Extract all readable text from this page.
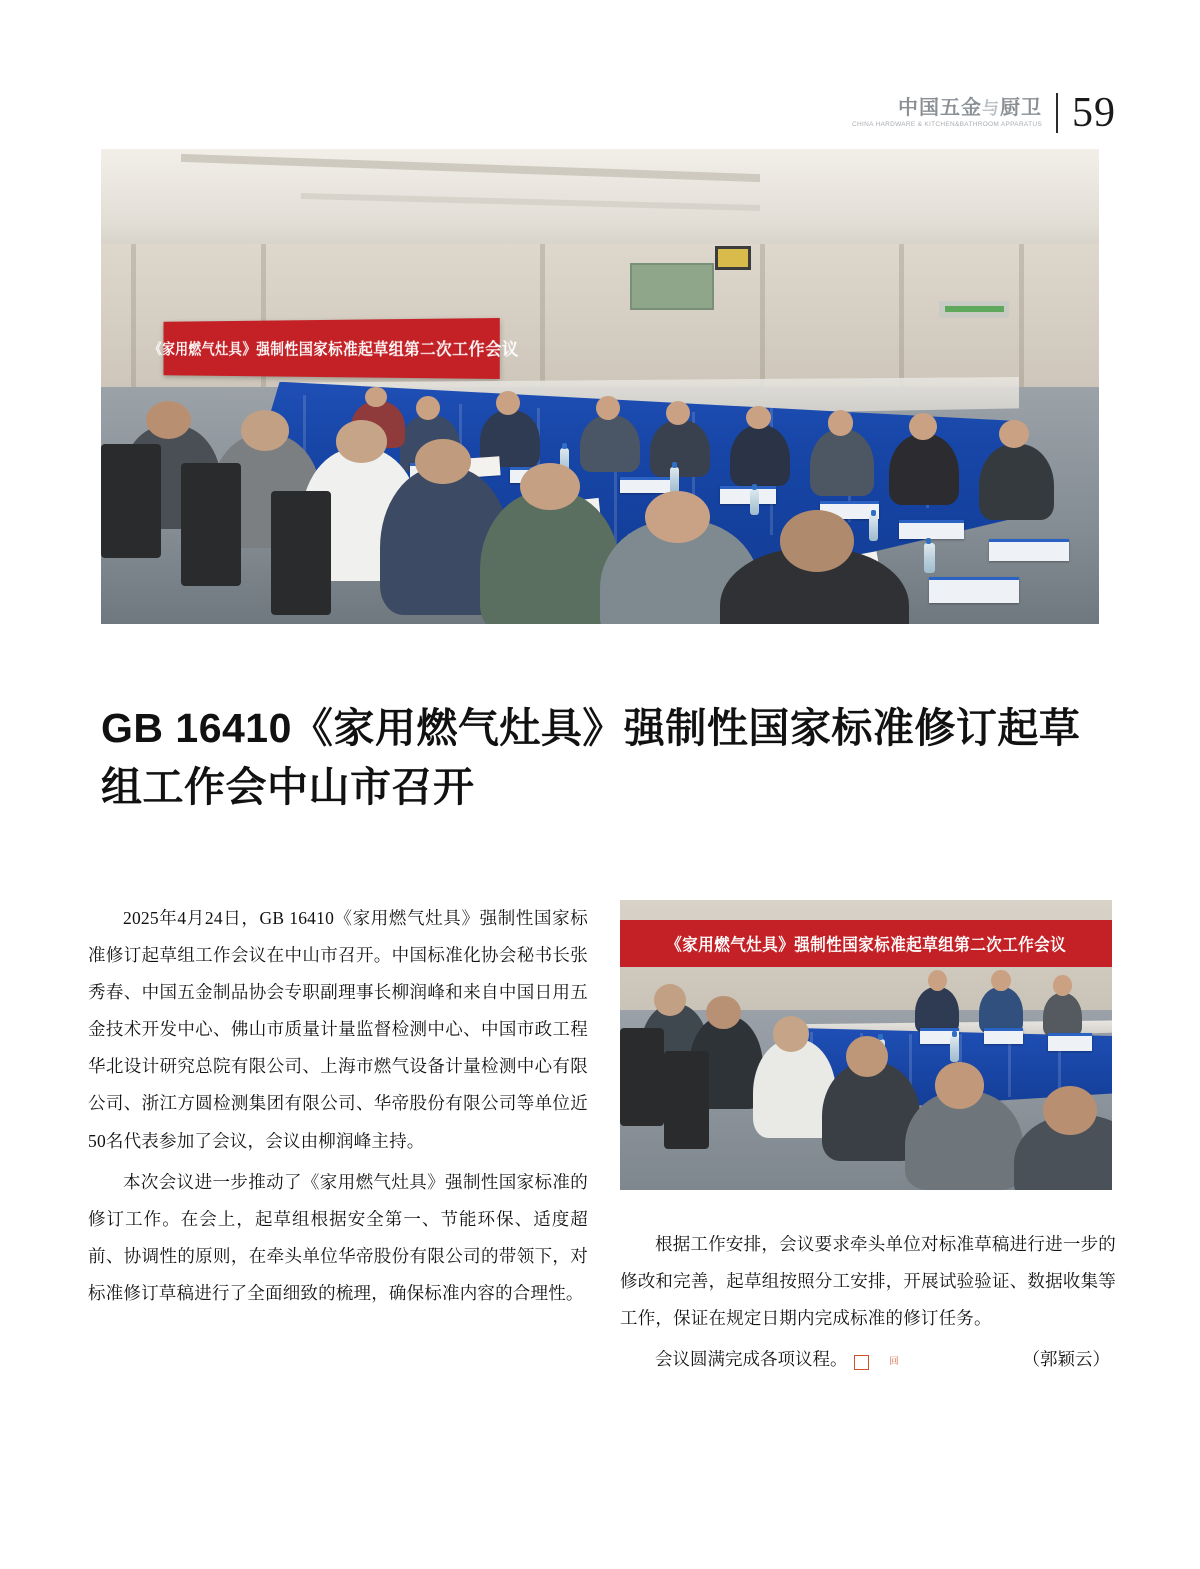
中国五金与厨卫
CHINA HARDWARE & KITCHEN&BATHROOM APPARATUS 59
《家用燃气灶具》强制性国家标准起草组第二次工作会议
GB 16410《家用燃气灶具》强制性国家标准修订起草组工作会中山市召开

2025年4月24日，GB 16410《家用燃气灶具》强制性国家标准修订起草组工作会议在中山市召开。中国标准化协会秘书长张秀春、中国五金制品协会专职副理事长柳润峰和来自中国日用五金技术开发中心、佛山市质量计量监督检测中心、中国市政工程华北设计研究总院有限公司、上海市燃气设备计量检测中心有限公司、浙江方圆检测集团有限公司、华帝股份有限公司等单位近50名代表参加了会议，会议由柳润峰主持。

本次会议进一步推动了《家用燃气灶具》强制性国家标准的修订工作。在会上，起草组根据安全第一、节能环保、适度超前、协调性的原则，在牵头单位华帝股份有限公司的带领下，对标准修订草稿进行了全面细致的梳理，确保标准内容的合理性。

《家用燃气灶具》强制性国家标准起草组第二次工作会议

根据工作安排，会议要求牵头单位对标准草稿进行进一步的修改和完善，起草组按照分工安排，开展试验验证、数据收集等工作，保证在规定日期内完成标准的修订任务。

会议圆满完成各项议程。	回	（郭颖云）
